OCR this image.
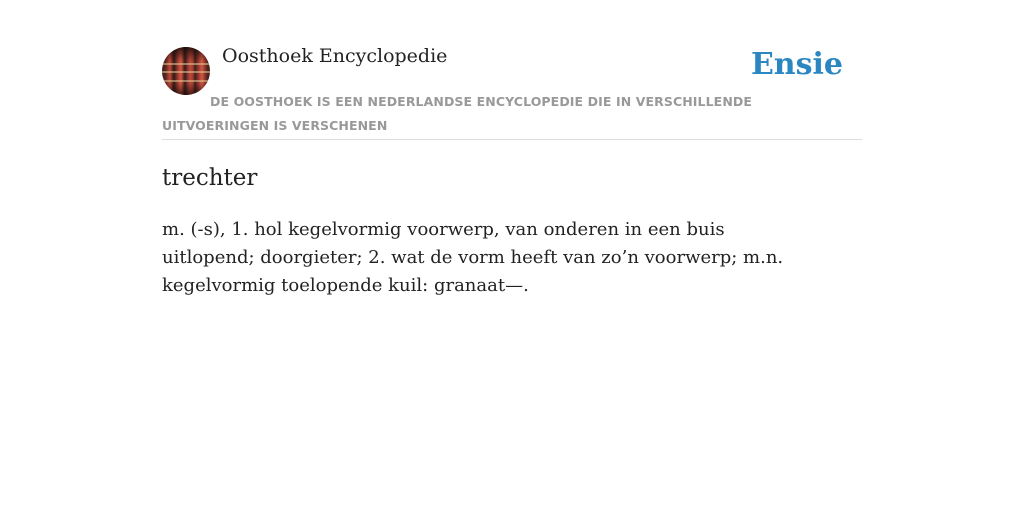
Oosthoek Encyclopedie	Ensie
DE OOSTHOEK IS EEN NEDERLANDSE ENCYCLOPEDIE DIE IN VERSCHILLENDE UITVOERINGEN IS VERSCHENEN
trechter

m. (-s), 1. hol kegelvormig voorwerp, van onderen in een buis uitlopend; doorgieter; 2. wat de vorm heeft van zo’n voorwerp; m.n. kegelvormig toelopende kuil: granaat—.
